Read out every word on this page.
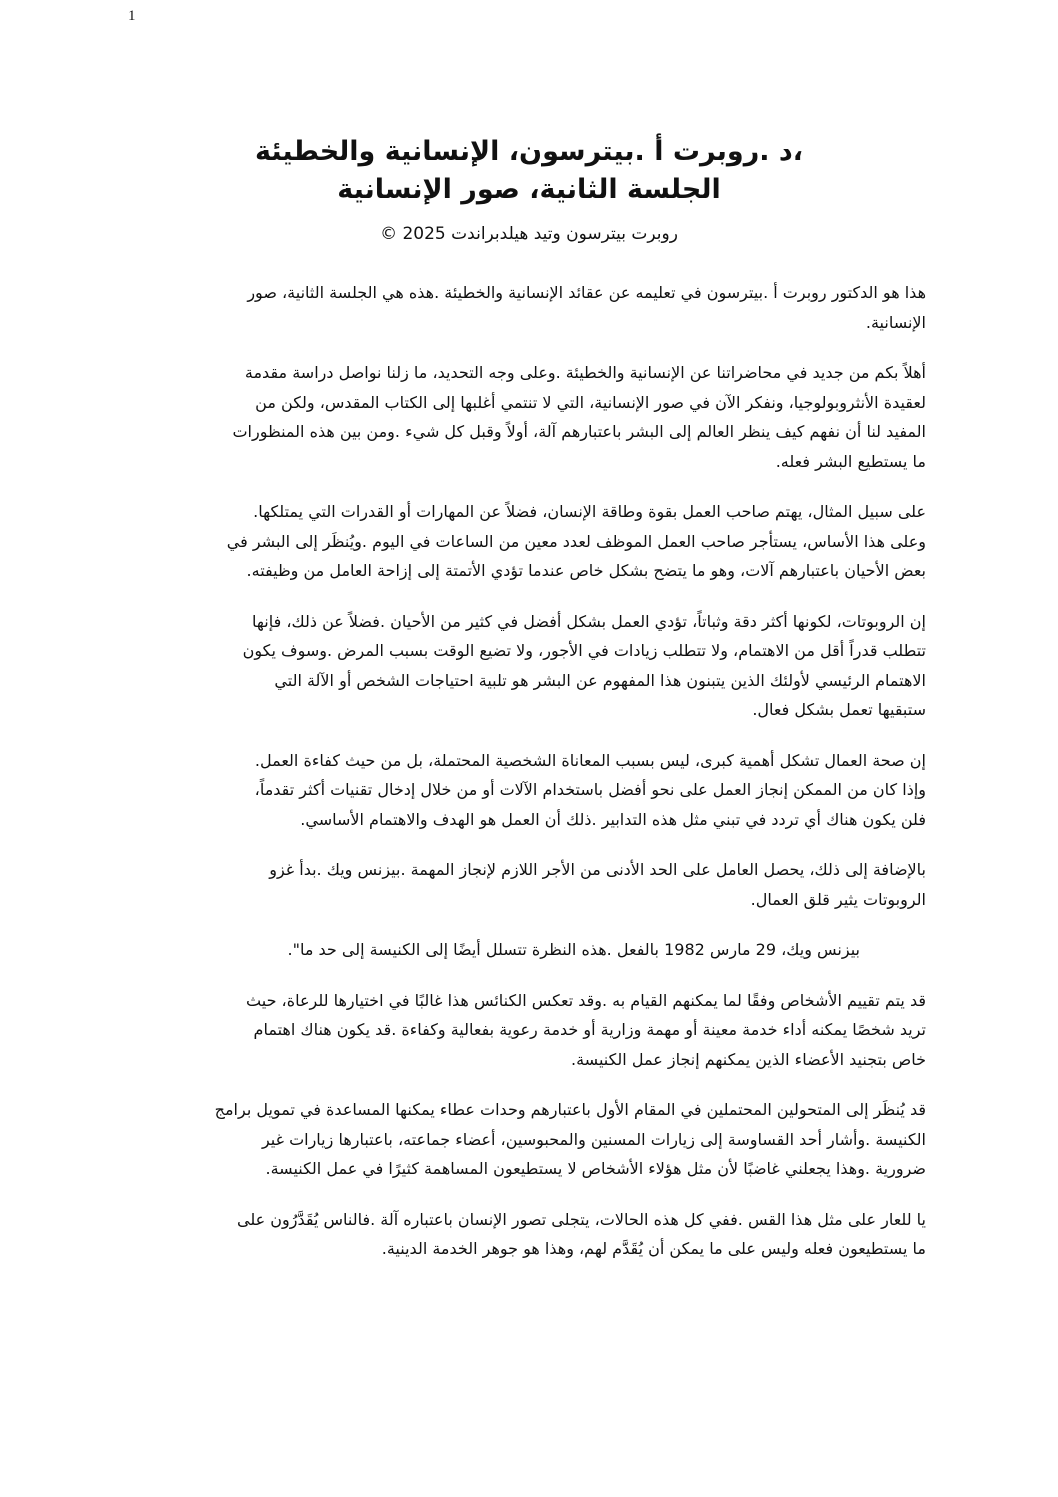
1
،د .روبرت أ .بيترسون، الإنسانية والخطيئة
الجلسة الثانية، صور الإنسانية
روبرت بيترسون وتيد هيلدبراندت 2025 ©
هذا هو الدكتور روبرت أ .بيترسون في تعليمه عن عقائد الإنسانية والخطيئة .هذه هي الجلسة الثانية، صور
الإنسانية.
أهلاً بكم من جديد في محاضراتنا عن الإنسانية والخطيئة .وعلى وجه التحديد، ما زلنا نواصل دراسة مقدمة
لعقيدة الأنثروبولوجيا، ونفكر الآن في صور الإنسانية، التي لا تنتمي أغلبها إلى الكتاب المقدس، ولكن من
المفيد لنا أن نفهم كيف ينظر العالم إلى البشر باعتبارهم آلة، أولاً وقبل كل شيء .ومن بين هذه المنظورات
ما يستطيع البشر فعله.
على سبيل المثال، يهتم صاحب العمل بقوة وطاقة الإنسان، فضلاً عن المهارات أو القدرات التي يمتلكها.
وعلى هذا الأساس، يستأجر صاحب العمل الموظف لعدد معين من الساعات في اليوم .ويُنظَر إلى البشر في
بعض الأحيان باعتبارهم آلات، وهو ما يتضح بشكل خاص عندما تؤدي الأتمتة إلى إزاحة العامل من وظيفته.
إن الروبوتات، لكونها أكثر دقة وثباتاً، تؤدي العمل بشكل أفضل في كثير من الأحيان .فضلاً عن ذلك، فإنها
تتطلب قدراً أقل من الاهتمام، ولا تتطلب زيادات في الأجور، ولا تضيع الوقت بسبب المرض .وسوف يكون
الاهتمام الرئيسي لأولئك الذين يتبنون هذا المفهوم عن البشر هو تلبية احتياجات الشخص أو الآلة التي
ستبقيها تعمل بشكل فعال.
إن صحة العمال تشكل أهمية كبرى، ليس بسبب المعاناة الشخصية المحتملة، بل من حيث كفاءة العمل.
وإذا كان من الممكن إنجاز العمل على نحو أفضل باستخدام الآلات أو من خلال إدخال تقنيات أكثر تقدماً،
فلن يكون هناك أي تردد في تبني مثل هذه التدابير .ذلك أن العمل هو الهدف والاهتمام الأساسي.
بالإضافة إلى ذلك، يحصل العامل على الحد الأدنى من الأجر اللازم لإنجاز المهمة .بيزنس ويك .بدأ غزو
الروبوتات يثير قلق العمال.
بيزنس ويك، 29 مارس 1982 بالفعل .هذه النظرة تتسلل أيضًا إلى الكنيسة إلى حد ما".
قد يتم تقييم الأشخاص وفقًا لما يمكنهم القيام به .وقد تعكس الكنائس هذا غالبًا في اختيارها للرعاة، حيث
تريد شخصًا يمكنه أداء خدمة معينة أو مهمة وزارية أو خدمة رعوية بفعالية وكفاءة .قد يكون هناك اهتمام
خاص بتجنيد الأعضاء الذين يمكنهم إنجاز عمل الكنيسة.
قد يُنظَر إلى المتحولين المحتملين في المقام الأول باعتبارهم وحدات عطاء يمكنها المساعدة في تمويل برامج
الكنيسة .وأشار أحد القساوسة إلى زيارات المسنين والمحبوسين، أعضاء جماعته، باعتبارها زيارات غير
ضرورية .وهذا يجعلني غاضبًا لأن مثل هؤلاء الأشخاص لا يستطيعون المساهمة كثيرًا في عمل الكنيسة.
يا للعار على مثل هذا القس .ففي كل هذه الحالات، يتجلى تصور الإنسان باعتباره آلة .فالناس يُقَدَّرُون على
ما يستطيعون فعله وليس على ما يمكن أن يُقَدَّم لهم، وهذا هو جوهر الخدمة الدينية.
